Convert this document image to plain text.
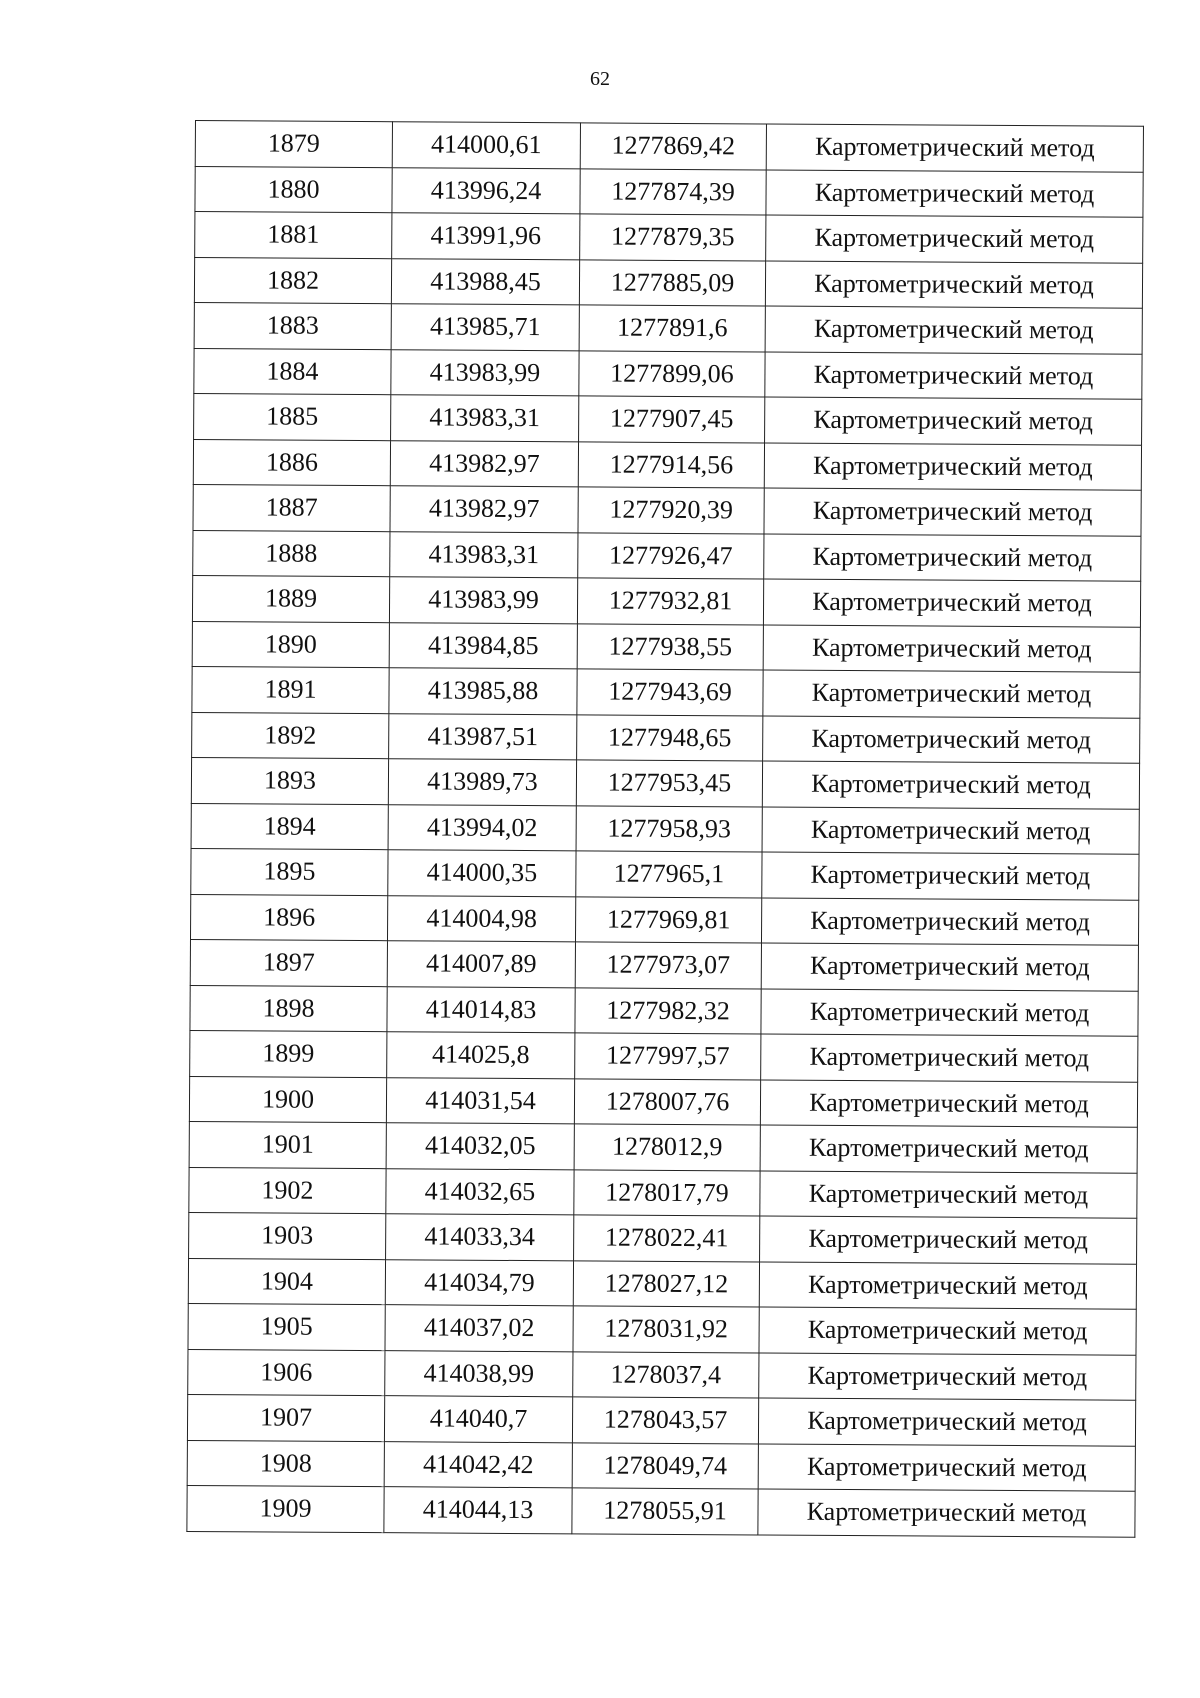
62
1879	414000,61	1277869,42	Картометрический метод
1880	413996,24	1277874,39	Картометрический метод
1881	413991,96	1277879,35	Картометрический метод
1882	413988,45	1277885,09	Картометрический метод
1883	413985,71	1277891,6	Картометрический метод
1884	413983,99	1277899,06	Картометрический метод
1885	413983,31	1277907,45	Картометрический метод
1886	413982,97	1277914,56	Картометрический метод
1887	413982,97	1277920,39	Картометрический метод
1888	413983,31	1277926,47	Картометрический метод
1889	413983,99	1277932,81	Картометрический метод
1890	413984,85	1277938,55	Картометрический метод
1891	413985,88	1277943,69	Картометрический метод
1892	413987,51	1277948,65	Картометрический метод
1893	413989,73	1277953,45	Картометрический метод
1894	413994,02	1277958,93	Картометрический метод
1895	414000,35	1277965,1	Картометрический метод
1896	414004,98	1277969,81	Картометрический метод
1897	414007,89	1277973,07	Картометрический метод
1898	414014,83	1277982,32	Картометрический метод
1899	414025,8	1277997,57	Картометрический метод
1900	414031,54	1278007,76	Картометрический метод
1901	414032,05	1278012,9	Картометрический метод
1902	414032,65	1278017,79	Картометрический метод
1903	414033,34	1278022,41	Картометрический метод
1904	414034,79	1278027,12	Картометрический метод
1905	414037,02	1278031,92	Картометрический метод
1906	414038,99	1278037,4	Картометрический метод
1907	414040,7	1278043,57	Картометрический метод
1908	414042,42	1278049,74	Картометрический метод
1909	414044,13	1278055,91	Картометрический метод
